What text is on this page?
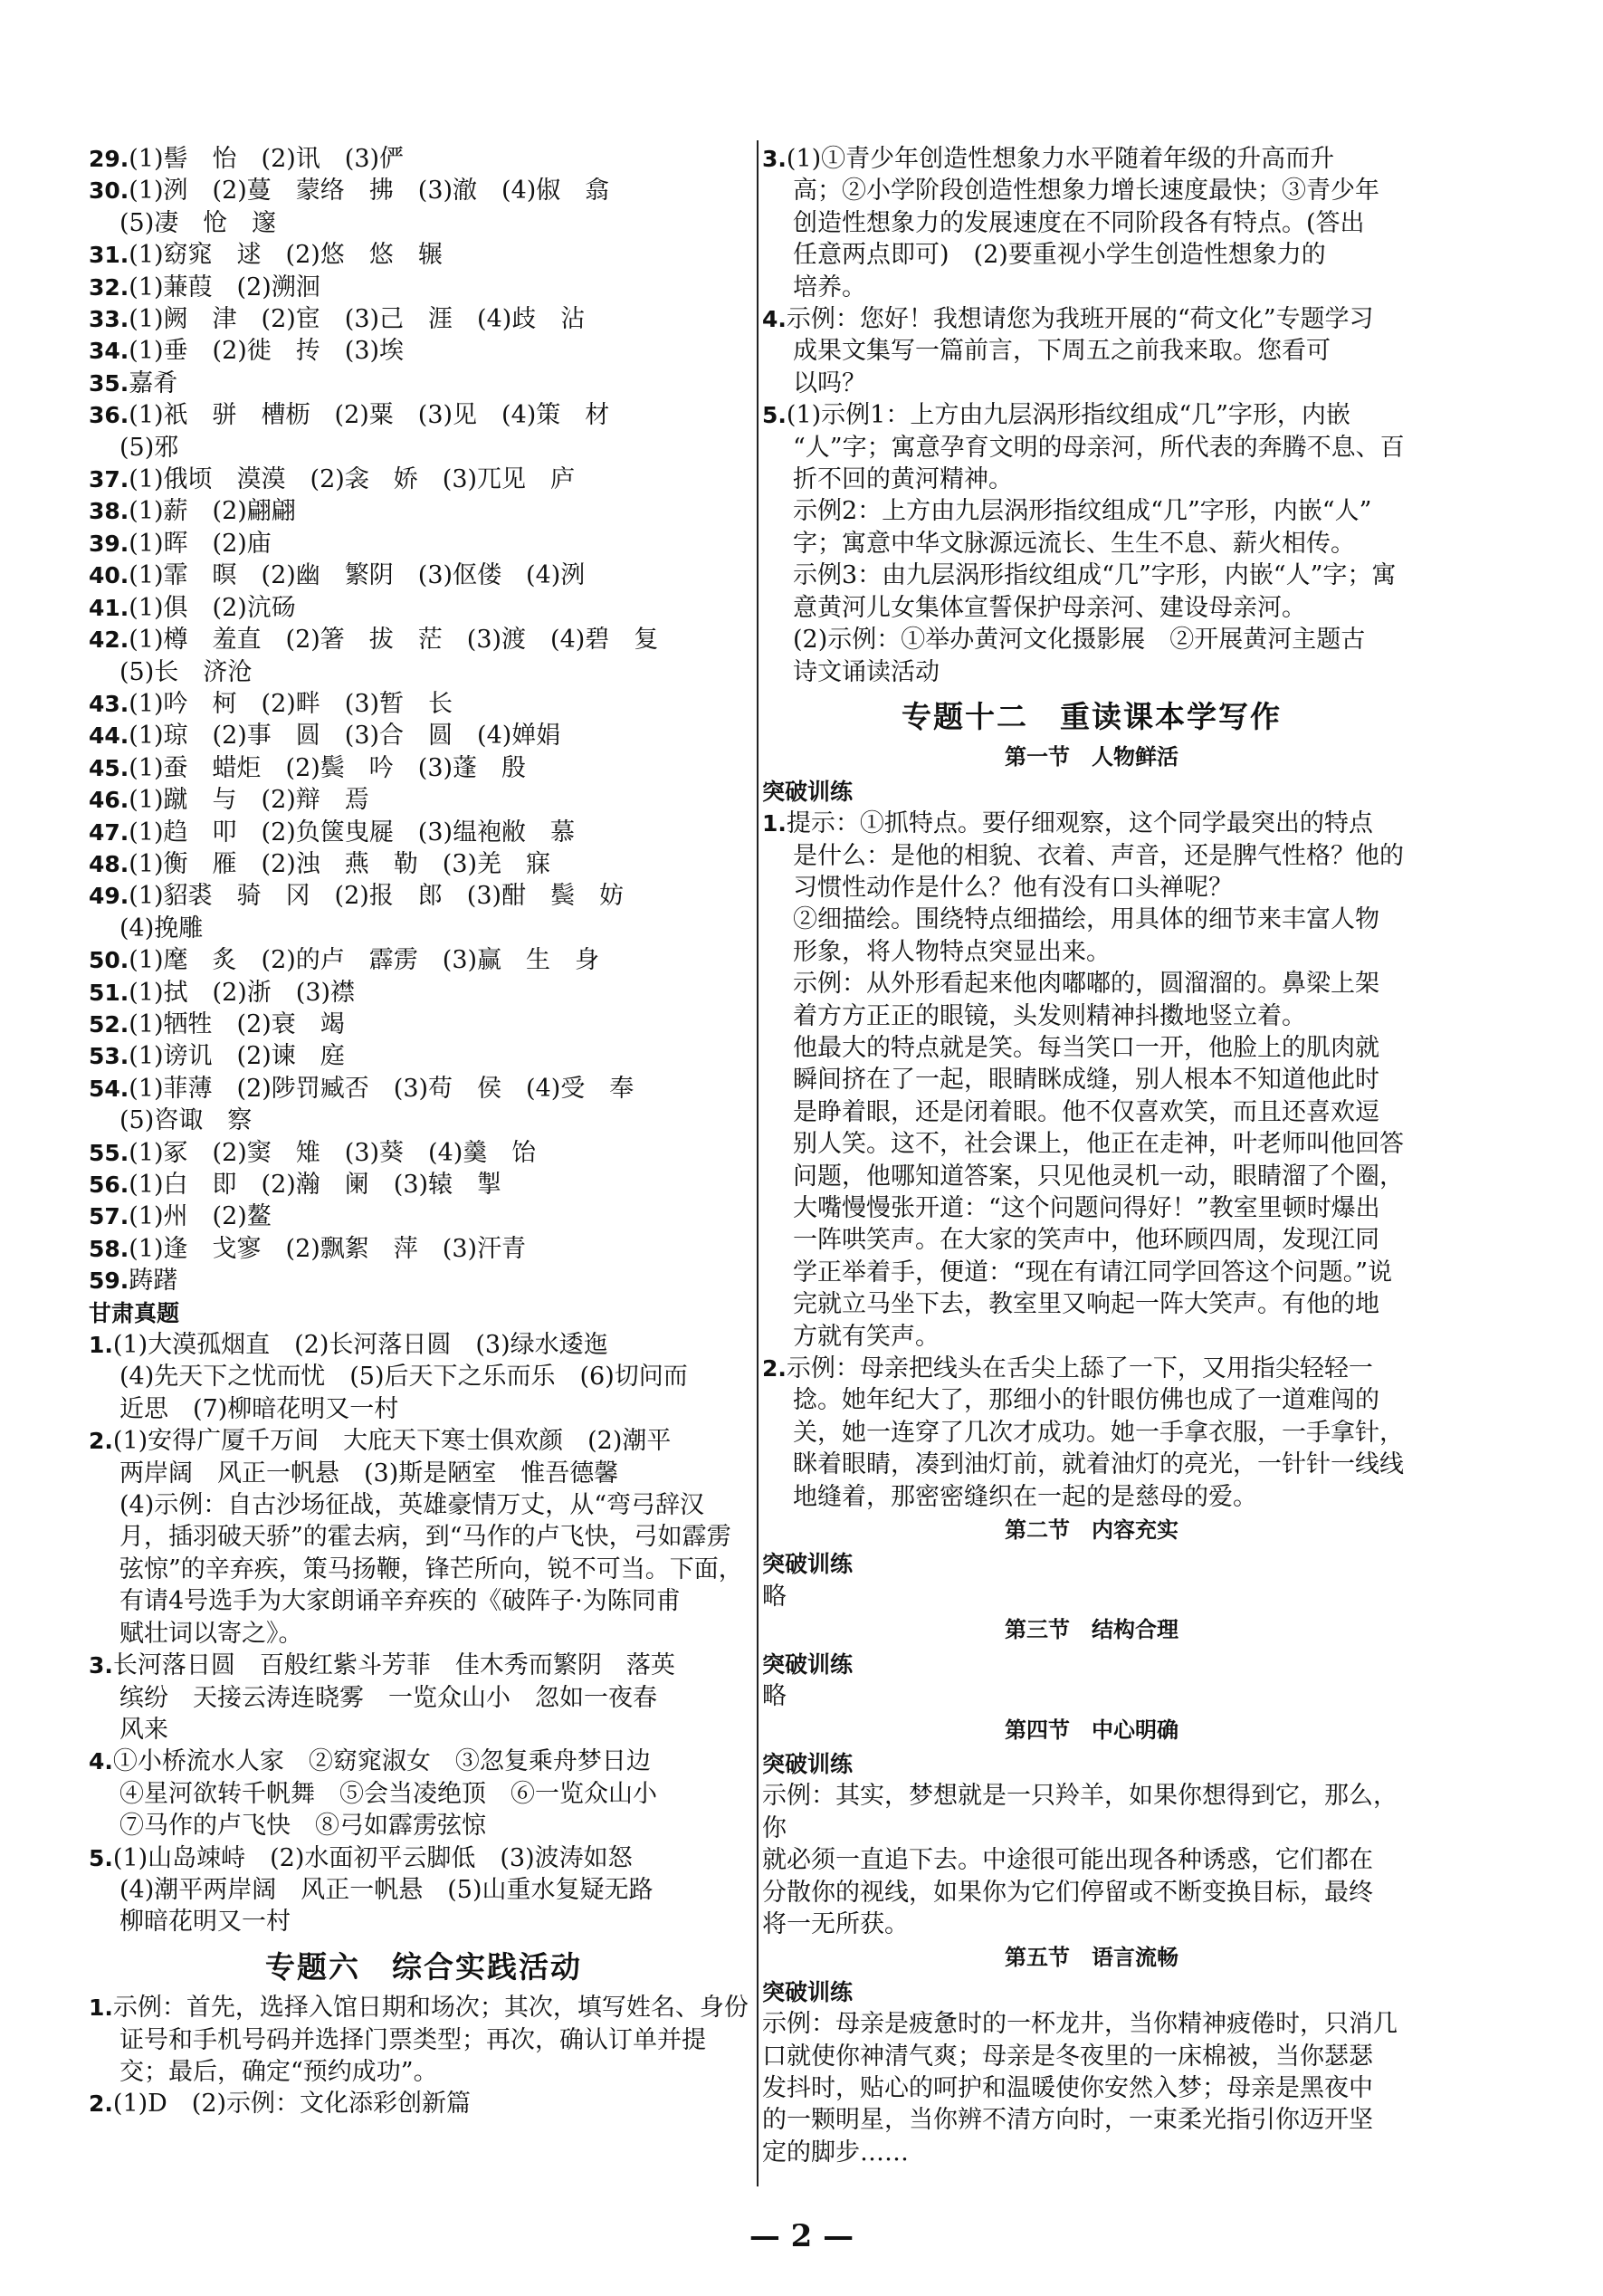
29. (1)髻　怡　(2)讯　(3)俨
30. (1)洌　(2)蔓　蒙络　拂　(3)澈　(4)俶　翕
(5)凄　怆　邃
31. (1)窈窕　逑　(2)悠　悠　辗
32. (1)蒹葭　(2)溯洄
33. (1)阙　津　(2)宦　(3)己　涯　(4)歧　沾
34. (1)垂　(2)徙　抟　(3)埃
35. 嘉肴
36. (1)祇　骈　槽枥　(2)粟　(3)见　(4)策　材
(5)邪
37. (1)俄顷　漠漠　(2)衾　娇　(3)兀见　庐
38. (1)薪　(2)翩翩
39. (1)晖　(2)庙
40. (1)霏　暝　(2)幽　繁阴　(3)伛偻　(4)洌
41. (1)俱　(2)沆砀
42. (1)樽　羞直　(2)箸　拔　茫　(3)渡　(4)碧　复
(5)长　济沧
43. (1)吟　柯　(2)畔　(3)暂　长
44. (1)琼　(2)事　圆　(3)合　圆　(4)婵娟
45. (1)蚕　蜡炬　(2)鬓　吟　(3)蓬　殷
46. (1)蹴　与　(2)辩　焉
47. (1)趋　叩　(2)负箧曳屣　(3)缊袍敝　慕
48. (1)衡　雁　(2)浊　燕　勒　(3)羌　寐
49. (1)貂裘　骑　冈　(2)报　郎　(3)酣　鬓　妨
(4)挽雕
50. (1)麾　炙　(2)的卢　霹雳　(3)赢　生　身
51. (1)拭　(2)浙　(3)襟
52. (1)牺牲　(2)衰　竭
53. (1)谤讥　(2)谏　庭
54. (1)菲薄　(2)陟罚臧否　(3)苟　侯　(4)受　奉
(5)咨诹　察
55. (1)冢　(2)窦　雉　(3)葵　(4)羹　饴
56. (1)白　即　(2)瀚　阑　(3)辕　掣
57. (1)州　(2)鳌
58. (1)逢　戈寥　(2)飘絮　萍　(3)汗青
59. 踌躇
甘肃真题
1. (1)大漠孤烟直　(2)长河落日圆　(3)绿水逶迤
(4)先天下之忧而忧　(5)后天下之乐而乐　(6)切问而
近思　(7)柳暗花明又一村
2. (1)安得广厦千万间　大庇天下寒士俱欢颜　(2)潮平
两岸阔　风正一帆悬　(3)斯是陋室　惟吾德馨
(4)示例：自古沙场征战，英雄豪情万丈，从“弯弓辞汉
月，插羽破天骄”的霍去病，到“马作的卢飞快，弓如霹雳
弦惊”的辛弃疾，策马扬鞭，锋芒所向，锐不可当。下面，
有请4号选手为大家朗诵辛弃疾的《破阵子·为陈同甫
赋壮词以寄之》。
3. 长河落日圆　百般红紫斗芳菲　佳木秀而繁阴　落英
缤纷　天接云涛连晓雾　一览众山小　忽如一夜春
风来
4. ①小桥流水人家　②窈窕淑女　③忽复乘舟梦日边
④星河欲转千帆舞　⑤会当凌绝顶　⑥一览众山小
⑦马作的卢飞快　⑧弓如霹雳弦惊
5. (1)山岛竦峙　(2)水面初平云脚低　(3)波涛如怒
(4)潮平两岸阔　风正一帆悬　(5)山重水复疑无路
柳暗花明又一村
专题六　综合实践活动
1. 示例：首先，选择入馆日期和场次；其次，填写姓名、身份
证号和手机号码并选择门票类型；再次，确认订单并提
交；最后，确定“预约成功”。
2. (1)D　(2)示例：文化添彩创新篇
3. (1)①青少年创造性想象力水平随着年级的升高而升
高；②小学阶段创造性想象力增长速度最快；③青少年
创造性想象力的发展速度在不同阶段各有特点。(答出
任意两点即可)　(2)要重视小学生创造性想象力的
培养。
4. 示例：您好！我想请您为我班开展的“荷文化”专题学习
成果文集写一篇前言，下周五之前我来取。您看可
以吗？
5. (1)示例1：上方由九层涡形指纹组成“几”字形，内嵌
“人”字；寓意孕育文明的母亲河，所代表的奔腾不息、百
折不回的黄河精神。
示例2：上方由九层涡形指纹组成“几”字形，内嵌“人”
字；寓意中华文脉源远流长、生生不息、薪火相传。
示例3：由九层涡形指纹组成“几”字形，内嵌“人”字；寓
意黄河儿女集体宣誓保护母亲河、建设母亲河。
(2)示例：①举办黄河文化摄影展　②开展黄河主题古
诗文诵读活动
专题十二　重读课本学写作
第一节　人物鲜活
突破训练
1. 提示：①抓特点。要仔细观察，这个同学最突出的特点
是什么：是他的相貌、衣着、声音，还是脾气性格？他的
习惯性动作是什么？他有没有口头禅呢？
②细描绘。围绕特点细描绘，用具体的细节来丰富人物
形象，将人物特点突显出来。
示例：从外形看起来他肉嘟嘟的，圆溜溜的。鼻梁上架
着方方正正的眼镜，头发则精神抖擞地竖立着。
他最大的特点就是笑。每当笑口一开，他脸上的肌肉就
瞬间挤在了一起，眼睛眯成缝，别人根本不知道他此时
是睁着眼，还是闭着眼。他不仅喜欢笑，而且还喜欢逗
别人笑。这不，社会课上，他正在走神，叶老师叫他回答
问题，他哪知道答案，只见他灵机一动，眼睛溜了个圈，
大嘴慢慢张开道：“这个问题问得好！”教室里顿时爆出
一阵哄笑声。在大家的笑声中，他环顾四周，发现江同
学正举着手，便道：“现在有请江同学回答这个问题。”说
完就立马坐下去，教室里又响起一阵大笑声。有他的地
方就有笑声。
2. 示例：母亲把线头在舌尖上舔了一下，又用指尖轻轻一
捻。她年纪大了，那细小的针眼仿佛也成了一道难闯的
关，她一连穿了几次才成功。她一手拿衣服，一手拿针，
眯着眼睛，凑到油灯前，就着油灯的亮光，一针针一线线
地缝着，那密密缝织在一起的是慈母的爱。
第二节　内容充实
突破训练
略
第三节　结构合理
突破训练
略
第四节　中心明确
突破训练
示例：其实，梦想就是一只羚羊，如果你想得到它，那么，你
就必须一直追下去。中途很可能出现各种诱惑，它们都在
分散你的视线，如果你为它们停留或不断变换目标，最终
将一无所获。
第五节　语言流畅
突破训练
示例：母亲是疲惫时的一杯龙井，当你精神疲倦时，只消几
口就使你神清气爽；母亲是冬夜里的一床棉被，当你瑟瑟
发抖时，贴心的呵护和温暖使你安然入梦；母亲是黑夜中
的一颗明星，当你辨不清方向时，一束柔光指引你迈开坚
定的脚步……
— 2 —
